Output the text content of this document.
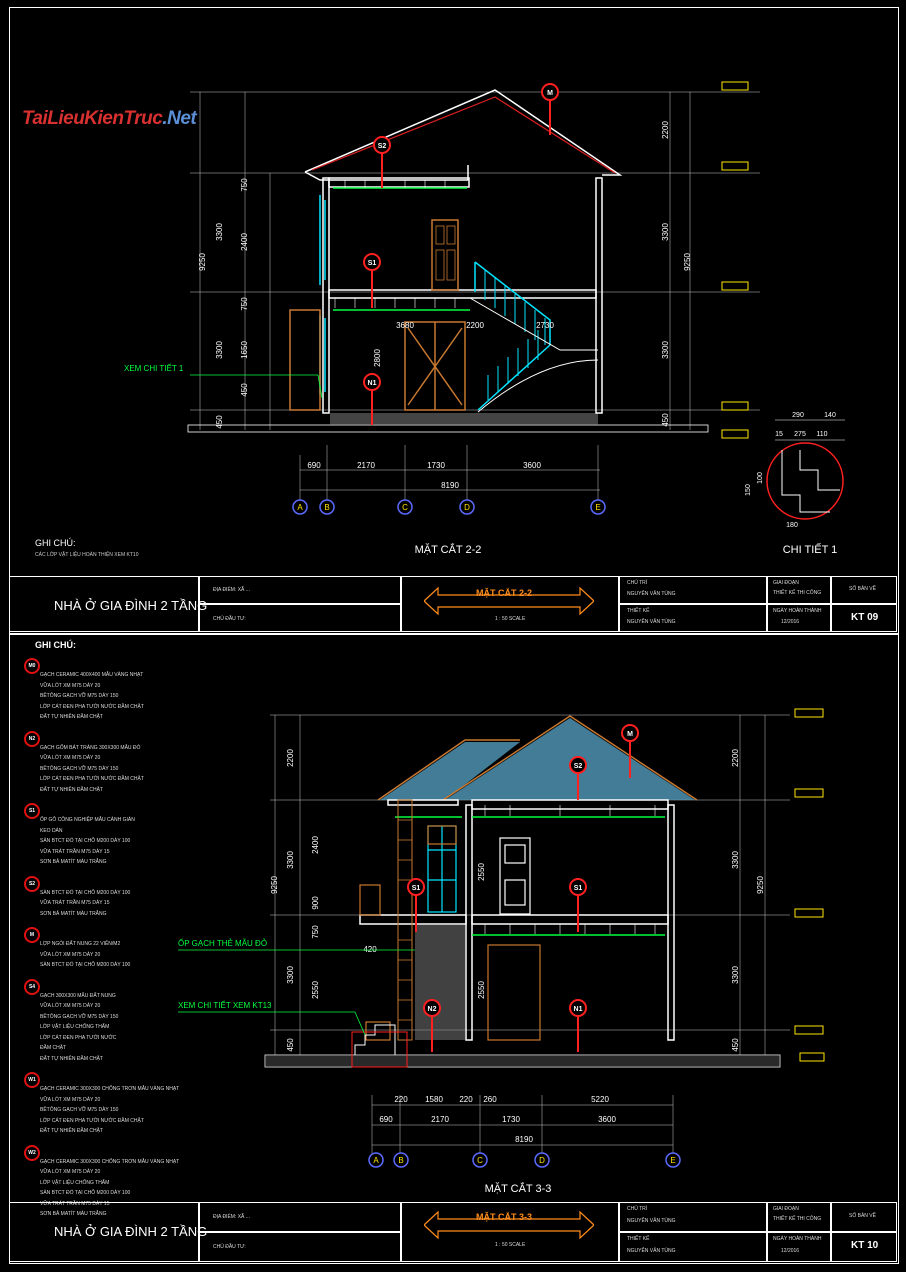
TaiLieuKienTruc.Net
M
S2
S1
N1
A	B	C	D	E
690	2170	1730	3600
8190
3680	2200	2730
450
3300
3300
9250
750
2400
750
1650
450
2800
2200
3300
3300
9250
450
XEM CHI TIẾT 1
290	140
15 275 110
180
150
100
MẶT CẮT 2-2	CHI TIẾT 1
GHI CHÚ:
CÁC LỚP VẬT LIỆU HOÀN THIỆN XEM KT10
NHÀ Ở GIA ĐÌNH 2 TẦNG
ĐỊA ĐIỂM: XÃ ...
CHỦ ĐẦU TƯ:
MẶT CẮT 2-2
1 : 50 SCALE
CHỦ TRÌ
NGUYỄN VĂN TÙNG
THIẾT KẾ
NGUYỄN VĂN TÙNG
GIAI ĐOẠN
THIẾT KẾ THI CÔNG
NGÀY HOÀN THÀNH
12/2016
SỐ BẢN VẼ
KT 09
GHI CHÚ:
M0
GẠCH CERAMIC 400X400 MẪU VÀNG NHẠT
VỮA LÓT XM M75 DÀY 20
BÊTÔNG GẠCH VỠ M75 DÀY 150
LỚP CÁT ĐEN PHA TƯỚI NƯỚC ĐẦM CHẶT
ĐẤT TỰ NHIÊN ĐẦM CHẶT
N2
GẠCH GỐM BÁT TRÀNG 300X300 MẪU ĐỎ
VỮA LÓT XM M75 DÀY 20
BÊTÔNG GẠCH VỠ M75 DÀY 150
LỚP CÁT ĐEN PHA TƯỚI NƯỚC ĐẦM CHẶT
ĐẤT TỰ NHIÊN ĐẦM CHẶT
S1
ỐP GỖ CÔNG NGHIỆP MẪU CÁNH GIÁN
KEO DÁN
SÀN BTCT ĐỔ TẠI CHỖ M200 DÀY 100
VỮA TRÁT TRẦN M75 DÀY 15
SƠN BẢ MATÍT MÀU TRẮNG
S2
SÀN BTCT ĐỔ TẠI CHỖ M200 DÀY 100
VỮA TRÁT TRẦN M75 DÀY 15
SƠN BẢ MATÍT MÀU TRẮNG
M
LỢP NGÓI ĐẤT NUNG 22 VIÊN/M2
VỮA LÓT XM M75 DÀY 20
SÀN BTCT ĐỔ TẠI CHỖ M200 DÀY 100
S4
GẠCH 300X300 MẪU ĐẤT NUNG
VỮA LÓT XM M75 DÀY 20
BÊTÔNG GẠCH VỠ M75 DÀY 150
LỚP VẬT LIỆU CHỐNG THẤM
LỚP CÁT ĐEN PHA TƯỚI NƯỚC
ĐẦM CHẶT
ĐẤT TỰ NHIÊN ĐẦM CHẶT
W1
GẠCH CERAMIC 300X300 CHỐNG TRƠN MẪU VÀNG NHẠT
VỮA LÓT XM M75 DÀY 20
BÊTÔNG GẠCH VỠ M75 DÀY 150
LỚP CÁT ĐEN PHA TƯỚI NƯỚC ĐẦM CHẶT
ĐẤT TỰ NHIÊN ĐẦM CHẶT
W2
GẠCH CERAMIC 300X300 CHỐNG TRƠN MẪU VÀNG NHẠT
VỮA LÓT XM M75 DÀY 20
LỚP VẬT LIỆU CHỐNG THẤM
SÀN BTCT ĐỔ TẠI CHỖ M200 DÀY 100
VỮA TRÁT TRẦN M75 DÀY 15
SƠN BẢ MATÍT MÀU TRẮNG
M
S2
S1
S1
N2	N1
A B	C	D	E
220 1580 220 260	5220
690	2170	1730	3600
8190
420
2200
3300
3300
9250
450
2400
900
750
2550
2550
2550
2200
3300
9250
3300
450
ỐP GẠCH THẺ MẪU ĐỎ
XEM CHI TIẾT XEM KT13
MẶT CẮT 3-3
NHÀ Ở GIA ĐÌNH 2 TẦNG
ĐỊA ĐIỂM: XÃ ...
CHỦ ĐẦU TƯ:
MẶT CẮT 3-3
1 : 50 SCALE
CHỦ TRÌ
NGUYỄN VĂN TÙNG
THIẾT KẾ
NGUYỄN VĂN TÙNG
GIAI ĐOẠN
THIẾT KẾ THI CÔNG
NGÀY HOÀN THÀNH
12/2016
SỐ BẢN VẼ
KT 10
